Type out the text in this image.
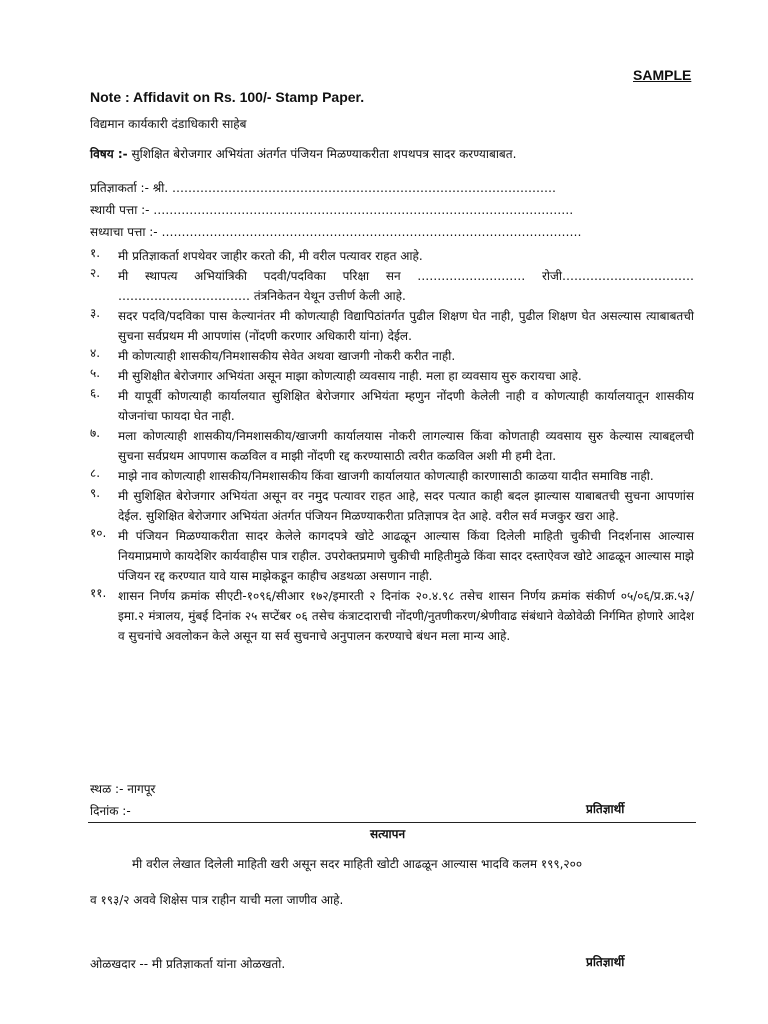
SAMPLE
Note : Affidavit on Rs. 100/- Stamp Paper.
विद्यमान कार्यकारी दंडाधिकारी साहेब
विषय :- सुशिक्षित बेरोजगार अभियंता अंतर्गत पंजियन मिळण्याकरीता शपथपत्र सादर करण्याबाबत.
प्रतिज्ञाकर्ता :- श्री. ……………………………………………………………………………………
स्थायी पत्ता :- ……………………………………………………………………………………………
सध्याचा पत्ता :- ……………………………………………………………………………………………
१.	मी प्रतिज्ञाकर्ता शपथेवर जाहीर करतो की, मी वरील पत्यावर राहत आहे.
२.	मी स्थापत्य अभियांत्रिकी पदवी/पदविका परिक्षा सन ……………………… रोजी…………………………… …………………………… तंत्रनिकेतन येथून उत्तीर्ण केली आहे.
३.	सदर पदवि/पदविका पास केल्यानंतर मी कोणत्याही विद्यापिठांतर्गत पुढील शिक्षण घेत नाही, पुढील शिक्षण घेत असल्यास त्याबाबतची सुचना सर्वप्रथम मी आपणांस (नोंदणी करणार अधिकारी यांना) देईल.
४.	मी कोणत्याही शासकीय/निमशासकीय सेवेत अथवा खाजगी नोकरी करीत नाही.
५.	मी सुशिक्षीत बेरोजगार अभियंता असून माझा कोणत्याही व्यवसाय नाही. मला हा व्यवसाय सुरु करायचा आहे.
६.	मी यापूर्वी कोणत्याही कार्यालयात सुशिक्षित बेरोजगार अभियंता म्हणुन नोंदणी केलेली नाही व कोणत्याही कार्यालयातून शासकीय योजनांचा फायदा घेत नाही.
७.	मला कोणत्याही शासकीय/निमशासकीय/खाजगी कार्यालयास नोकरी लागल्यास किंवा कोणताही व्यवसाय सुरु केल्यास त्याबद्दलची सुचना सर्वप्रथम आपणास कळविल व माझी नोंदणी रद्द करण्यासाठी त्वरीत कळविल अशी मी हमी देता.
८.	माझे नाव कोणत्याही शासकीय/निमशासकीय किंवा खाजगी कार्यालयात कोणत्याही कारणासाठी काळया यादीत समाविष्ठ नाही.
९.	मी सुशिक्षित बेरोजगार अभियंता असून वर नमुद पत्यावर राहत आहे, सदर पत्यात काही बदल झाल्यास याबाबतची सुचना आपणांस देईल. सुशिक्षित बेरोजगार अभियंता अंतर्गत पंजियन मिळण्याकरीता प्रतिज्ञापत्र देत आहे. वरील सर्व मजकुर खरा आहे.
१०. मी पंजियन मिळण्याकरीता सादर केलेले कागदपत्रे खोटे आढळून आल्यास किंवा दिलेली माहिती चुकीची निदर्शनास आल्यास नियमाप्रमाणे कायदेशिर कार्यवाहीस पात्र राहील. उपरोक्तप्रमाणे चुकीची माहितीमुळे किंवा सादर दस्ताऐवज खोटे आढळून आल्यास माझे पंजियन रद्द करण्यात यावे यास माझेकडून काहीच अडथळा असणान नाही.
११. शासन निर्णय क्रमांक सीएटी-१०९६/सीआर १७२/इमारती २ दिनांक २०.४.९८ तसेच शासन निर्णय क्रमांक संकीर्ण ०५/०६/प्र.क्र.५३/इमा.२ मंत्रालय, मुंबई दिनांक २५ सप्टेंबर ०६ तसेच कंत्राटदाराची नोंदणी/नुतणीकरण/श्रेणीवाढ संबंधाने वेळोवेळी निर्गमित होणारे आदेश व सुचनांचे अवलोकन केले असून या सर्व सुचनाचे अनुपालन करण्याचे बंधन मला मान्य आहे.
स्थळ :- नागपूर
दिनांक :-	प्रतिज्ञार्थी
सत्यापन
मी वरील लेखात दिलेली माहिती खरी असून सदर माहिती खोटी आढळून आल्यास भादवि कलम १९९,२००
व १९३/२ अववे शिक्षेस पात्र राहीन याची मला जाणीव आहे.
ओळखदार -- मी प्रतिज्ञाकर्ता यांना ओळखतो.	प्रतिज्ञार्थी
